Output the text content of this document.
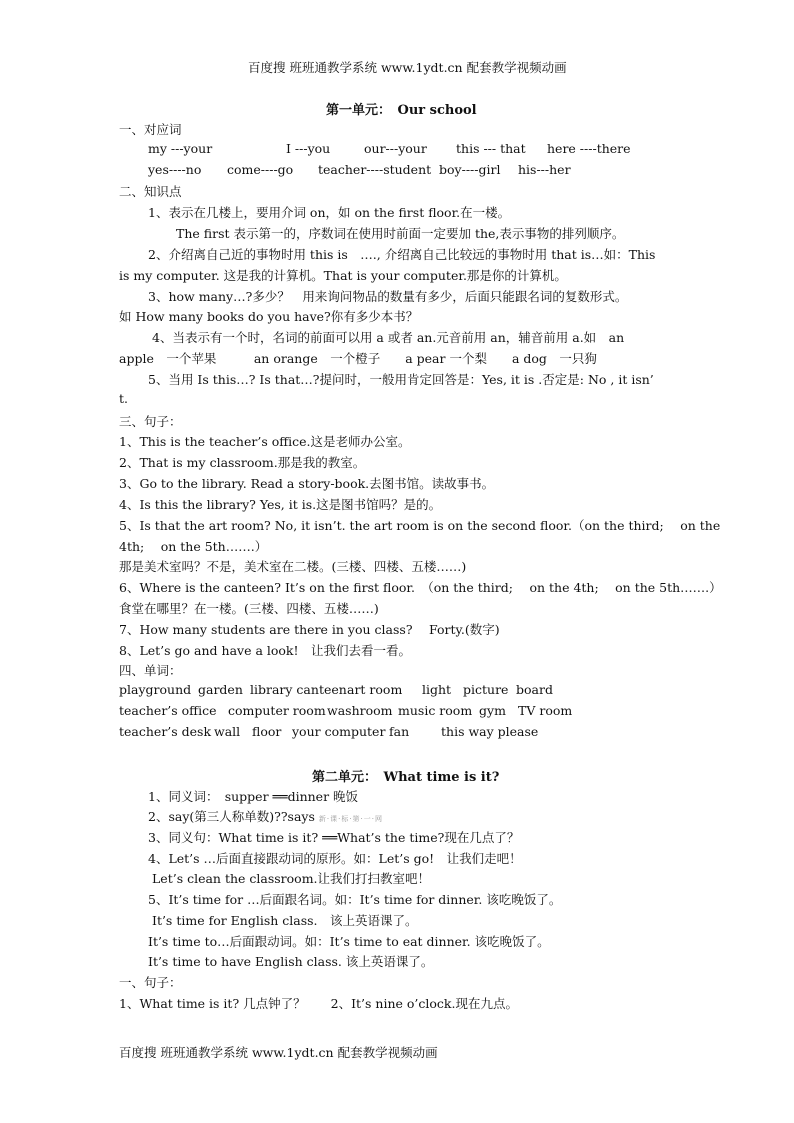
百度搜 班班通教学系统 www.1ydt.cn 配套教学视频动画
第一单元：　Our school
一、对应词
my ---your	I ---you	our---your this --- that here ----there
yes----no come----go teacher----student boy----girl his---her
二、知识点
1、表示在几楼上，要用介词 on，如 on the first floor.在一楼。
The first 表示第一的，序数词在使用时前面一定要加 the,表示事物的排列顺序。
2、介绍离自己近的事物时用 this is　…., 介绍离自己比较远的事物时用 that is…如：This
is my computer. 这是我的计算机。That is your computer.那是你的计算机。
3、how many…?多少？　用来询问物品的数量有多少，后面只能跟名词的复数形式。
如 How many books do you have?你有多少本书？
4、当表示有一个时，名词的前面可以用 a 或者 an.元音前用 an，辅音前用 a.如　an
apple　一个苹果　　　an orange　一个橙子　　a pear 一个梨　　a dog　一只狗
5、当用 Is this…? Is that…?提问时，一般用肯定回答是：Yes, it is .否定是: No , it isn’
t.
三、句子：
1、This is the teacher’s office.这是老师办公室。
2、That is my classroom.那是我的教室。
3、Go to the library. Read a story-book.去图书馆。读故事书。
4、Is this the library? Yes, it is.这是图书馆吗？是的。
5、Is that the art room? No, it isn’t. the art room is on the second floor.（on the third;　 on the
4th;　 on the 5th…….）
那是美术室吗？不是，美术室在二楼。(三楼、四楼、五楼……)
6、Where is the canteen? It’s on the first floor.　（on the third;　 on the 4th;　 on the 5th…….）
食堂在哪里？在一楼。(三楼、四楼、五楼……)
7、How many students are there in you class?　 Forty.(数字)
8、Let’s go and have a look!　让我们去看一看。
四、单词：
playground garden library canteenart room light picture board
teacher’s office computer roomwashroom music room gym TV room
teacher’s desk wall floor your computer fan	this way please
第二单元：　What time is it?
1、同义词：　supper ══dinner 晚饭
2、say(第三人称单数)??says 新·课·标·第·一·网
3、同义句：What time is it? ══What’s the time?现在几点了？
4、Let’s …后面直接跟动词的原形。如：Let’s go!　让我们走吧！
Let’s clean the classroom.让我们打扫教室吧！
5、It’s time for …后面跟名词。如：It’s time for dinner. 该吃晚饭了。
It’s time for English class.　该上英语课了。
It’s time to…后面跟动词。如：It’s time to eat dinner. 该吃晚饭了。
It’s time to have English class. 该上英语课了。
一、句子：
1、What time is it? 几点钟了？　　2、It’s nine o’clock.现在九点。
百度搜 班班通教学系统 www.1ydt.cn 配套教学视频动画
